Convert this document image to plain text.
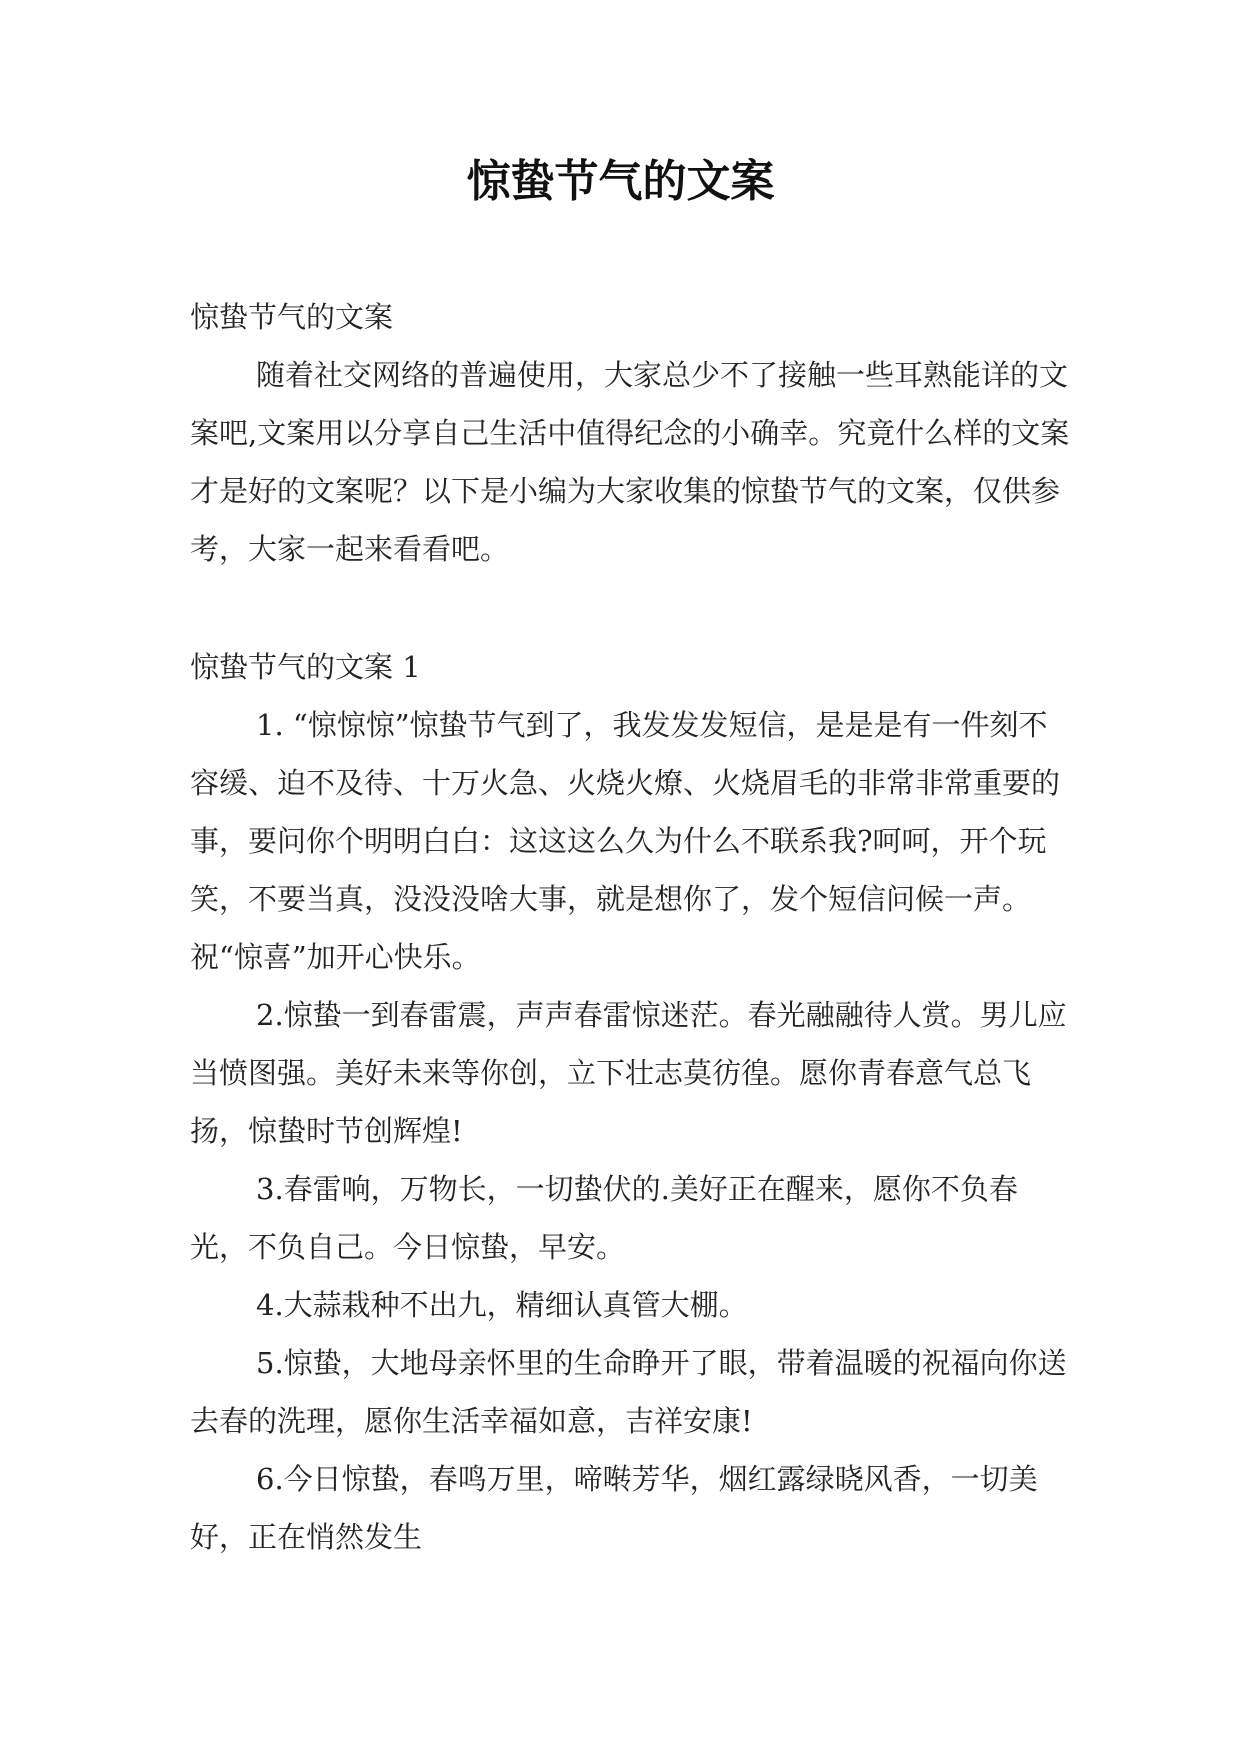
惊蛰节气的文案

惊蛰节气的文案

随着社交网络的普遍使用，大家总少不了接触一些耳熟能详的文案吧,文案用以分享自己生活中值得纪念的小确幸。究竟什么样的文案才是好的文案呢？以下是小编为大家收集的惊蛰节气的文案，仅供参考，大家一起来看看吧。

惊蛰节气的文案 1

1. “惊惊惊”惊蛰节气到了，我发发发短信，是是是有一件刻不容缓、迫不及待、十万火急、火烧火燎、火烧眉毛的非常非常重要的事，要问你个明明白白：这这这么久为什么不联系我?呵呵，开个玩笑，不要当真，没没没啥大事，就是想你了，发个短信问候一声。祝“惊喜”加开心快乐。

2.惊蛰一到春雷震，声声春雷惊迷茫。春光融融待人赏。男儿应当愤图强。美好未来等你创，立下壮志莫彷徨。愿你青春意气总飞扬，惊蛰时节创辉煌!

3.春雷响，万物长，一切蛰伏的.美好正在醒来，愿你不负春光，不负自己。今日惊蛰，早安。

4.大蒜栽种不出九，精细认真管大棚。

5.惊蛰，大地母亲怀里的生命睁开了眼，带着温暖的祝福向你送去春的洗理，愿你生活幸福如意，吉祥安康!

6.今日惊蛰，春鸣万里，啼啭芳华，烟红露绿晓风香，一切美好，正在悄然发生
